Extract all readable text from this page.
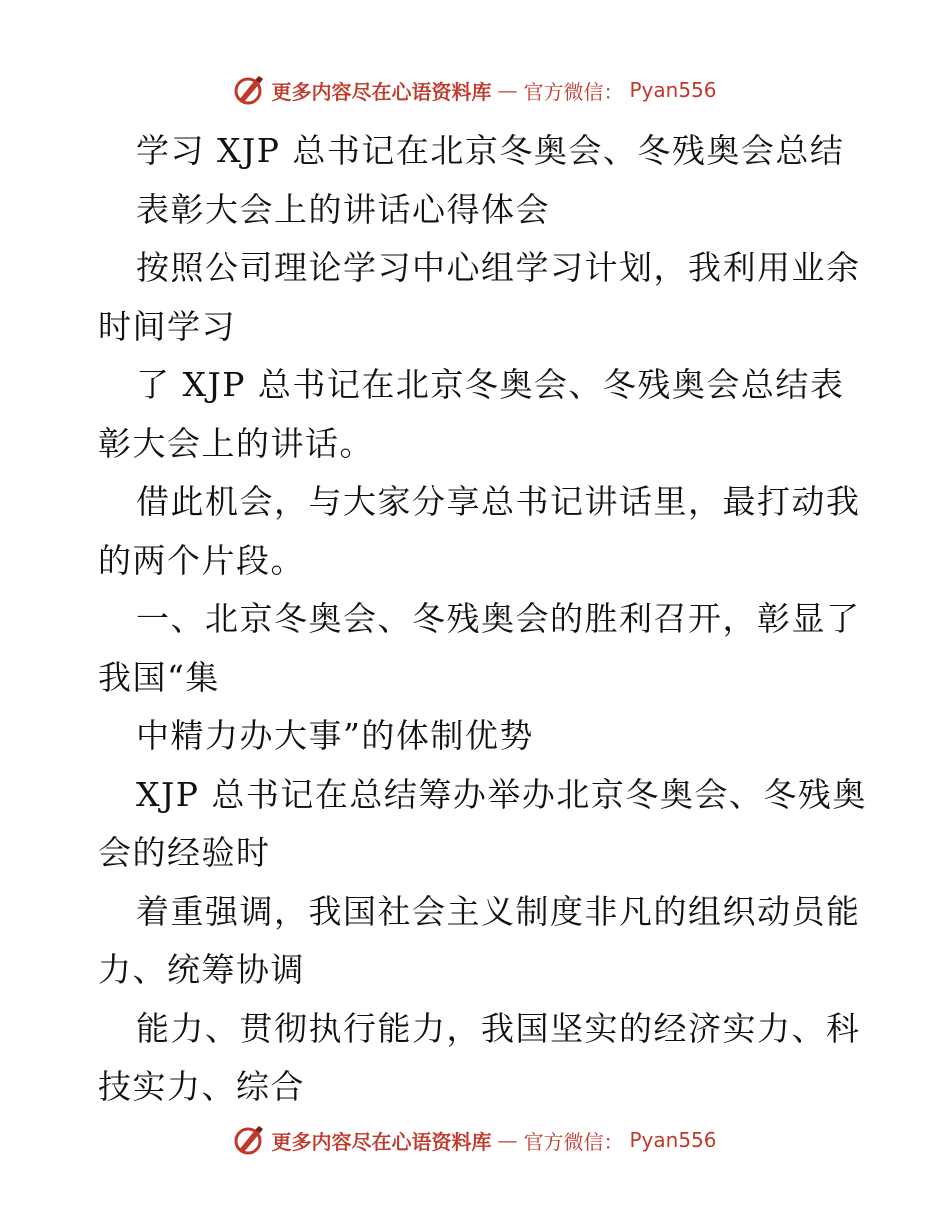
更多内容尽在心语资料库 — 官方微信： Pyan556
学习 XJP 总书记在北京冬奥会、冬残奥会总结
表彰大会上的讲话心得体会
按照公司理论学习中心组学习计划，我利用业余
时间学习
了 XJP 总书记在北京冬奥会、冬残奥会总结表
彰大会上的讲话。
借此机会，与大家分享总书记讲话里，最打动我
的两个片段。
一、北京冬奥会、冬残奥会的胜利召开，彰显了
我国“集
中精力办大事”的体制优势
XJP 总书记在总结筹办举办北京冬奥会、冬残奥
会的经验时
着重强调，我国社会主义制度非凡的组织动员能
力、统筹协调
能力、贯彻执行能力，我国坚实的经济实力、科
技实力、综合
更多内容尽在心语资料库 — 官方微信： Pyan556
